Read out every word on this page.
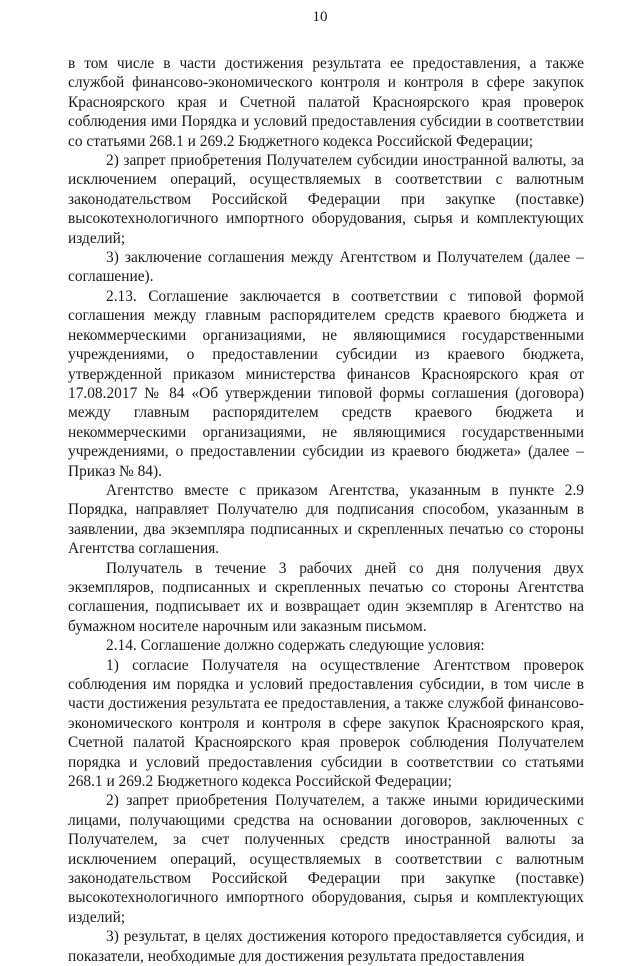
10

в том числе в части достижения результата ее предоставления, а также службой финансово-экономического контроля и контроля в сфере закупок Красноярского края и Счетной палатой Красноярского края проверок соблюдения ими Порядка и условий предоставления субсидии в соответствии со статьями 268.1 и 269.2 Бюджетного кодекса Российской Федерации;

2) запрет приобретения Получателем субсидии иностранной валюты, за исключением операций, осуществляемых в соответствии с валютным законодательством Российской Федерации при закупке (поставке) высокотехнологичного импортного оборудования, сырья и комплектующих изделий;

3) заключение соглашения между Агентством и Получателем (далее – соглашение).

2.13. Соглашение заключается в соответствии с типовой формой соглашения между главным распорядителем средств краевого бюджета и некоммерческими организациями, не являющимися государственными учреждениями, о предоставлении субсидии из краевого бюджета, утвержденной приказом министерства финансов Красноярского края от 17.08.2017 № 84 «Об утверждении типовой формы соглашения (договора) между главным распорядителем средств краевого бюджета и некоммерческими организациями, не являющимися государственными учреждениями, о предоставлении субсидии из краевого бюджета» (далее – Приказ № 84).

Агентство вместе с приказом Агентства, указанным в пункте 2.9 Порядка, направляет Получателю для подписания способом, указанным в заявлении, два экземпляра подписанных и скрепленных печатью со стороны Агентства соглашения.

Получатель в течение 3 рабочих дней со дня получения двух экземпляров, подписанных и скрепленных печатью со стороны Агентства соглашения, подписывает их и возвращает один экземпляр в Агентство на бумажном носителе нарочным или заказным письмом.

2.14. Соглашение должно содержать следующие условия:

1) согласие Получателя на осуществление Агентством проверок соблюдения им порядка и условий предоставления субсидии, в том числе в части достижения результата ее предоставления, а также службой финансово-экономического контроля и контроля в сфере закупок Красноярского края, Счетной палатой Красноярского края проверок соблюдения Получателем порядка и условий предоставления субсидии в соответствии со статьями 268.1 и 269.2 Бюджетного кодекса Российской Федерации;

2) запрет приобретения Получателем, а также иными юридическими лицами, получающими средства на основании договоров, заключенных с Получателем, за счет полученных средств иностранной валюты за исключением операций, осуществляемых в соответствии с валютным законодательством Российской Федерации при закупке (поставке) высокотехнологичного импортного оборудования, сырья и комплектующих изделий;

3) результат, в целях достижения которого предоставляется субсидия, и показатели, необходимые для достижения результата предоставления
